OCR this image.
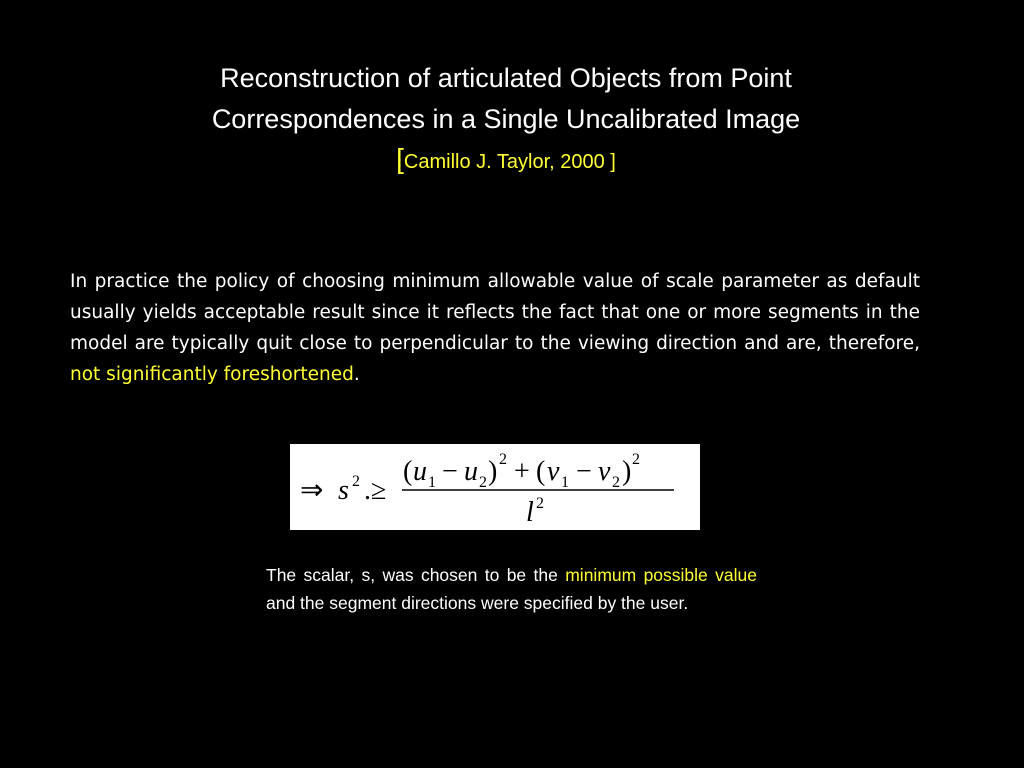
Reconstruction of articulated Objects from Point
Correspondences in a Single Uncalibrated Image
[Camillo J. Taylor, 2000 ]
In practice the policy of choosing minimum allowable value of scale parameter as default usually yields acceptable result since it reflects the fact that one or more segments in the model are typically quit close to perpendicular to the viewing direction and are, therefore, not significantly foreshortened.
⇒ s 2 .≥
( u 1 − u 2 ) 2 + ( v 1 − v 2 ) 2
l 2
The scalar, s, was chosen to be the minimum possible value and the segment directions were specified by the user.
